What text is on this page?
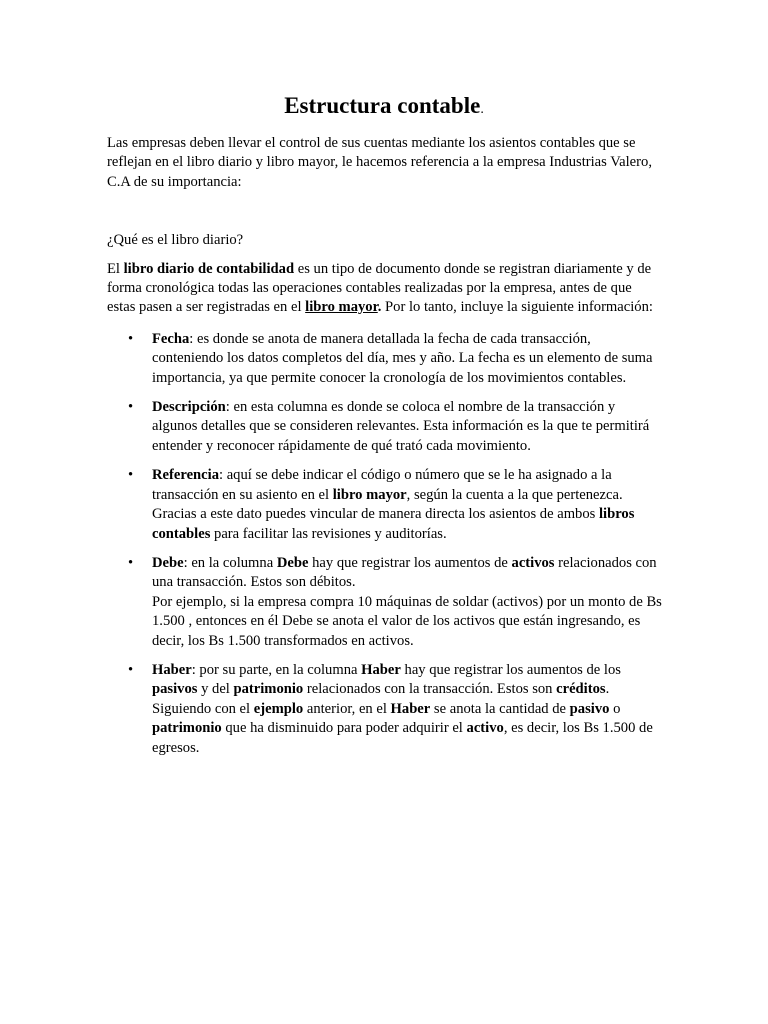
Estructura contable.

Las empresas deben llevar el control de sus cuentas mediante los asientos contables que se reflejan en el libro diario y libro mayor, le hacemos referencia a la empresa Industrias Valero, C.A de su importancia:

¿Qué es el libro diario?

El libro diario de contabilidad es un tipo de documento donde se registran diariamente y de forma cronológica todas las operaciones contables realizadas por la empresa, antes de que estas pasen a ser registradas en el libro mayor. Por lo tanto, incluye la siguiente información:

• Fecha: es donde se anota de manera detallada la fecha de cada transacción, conteniendo los datos completos del día, mes y año. La fecha es un elemento de suma importancia, ya que permite conocer la cronología de los movimientos contables.
• Descripción: en esta columna es donde se coloca el nombre de la transacción y algunos detalles que se consideren relevantes. Esta información es la que te permitirá entender y reconocer rápidamente de qué trató cada movimiento.
• Referencia: aquí se debe indicar el código o número que se le ha asignado a la transacción en su asiento en el libro mayor, según la cuenta a la que pertenezca. Gracias a este dato puedes vincular de manera directa los asientos de ambos libros contables para facilitar las revisiones y auditorías.
• Debe: en la columna Debe hay que registrar los aumentos de activos relacionados con una transacción. Estos son débitos.
Por ejemplo, si la empresa compra 10 máquinas de soldar (activos) por un monto de Bs 1.500 , entonces en él Debe se anota el valor de los activos que están ingresando, es decir, los Bs 1.500 transformados en activos.
• Haber: por su parte, en la columna Haber hay que registrar los aumentos de los pasivos y del patrimonio relacionados con la transacción. Estos son créditos.
Siguiendo con el ejemplo anterior, en el Haber se anota la cantidad de pasivo o patrimonio que ha disminuido para poder adquirir el activo, es decir, los Bs 1.500 de egresos.
